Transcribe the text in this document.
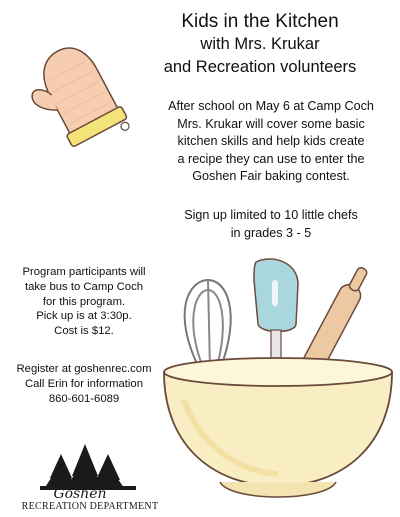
Kids in the Kitchen
with Mrs. Krukar
and Recreation volunteers
After school on May 6 at Camp Coch
Mrs. Krukar will cover some basic
kitchen skills and help kids create
a recipe they can use to enter the
Goshen Fair baking contest.
Sign up limited to 10 little chefs
in grades 3 - 5
Program participants will
take bus to Camp Coch
for this program.
Pick up is at 3:30p.
Cost is $12.
Register at goshenrec.com
Call Erin for information
860-601-6089
Goshen
RECREATION DEPARTMENT
